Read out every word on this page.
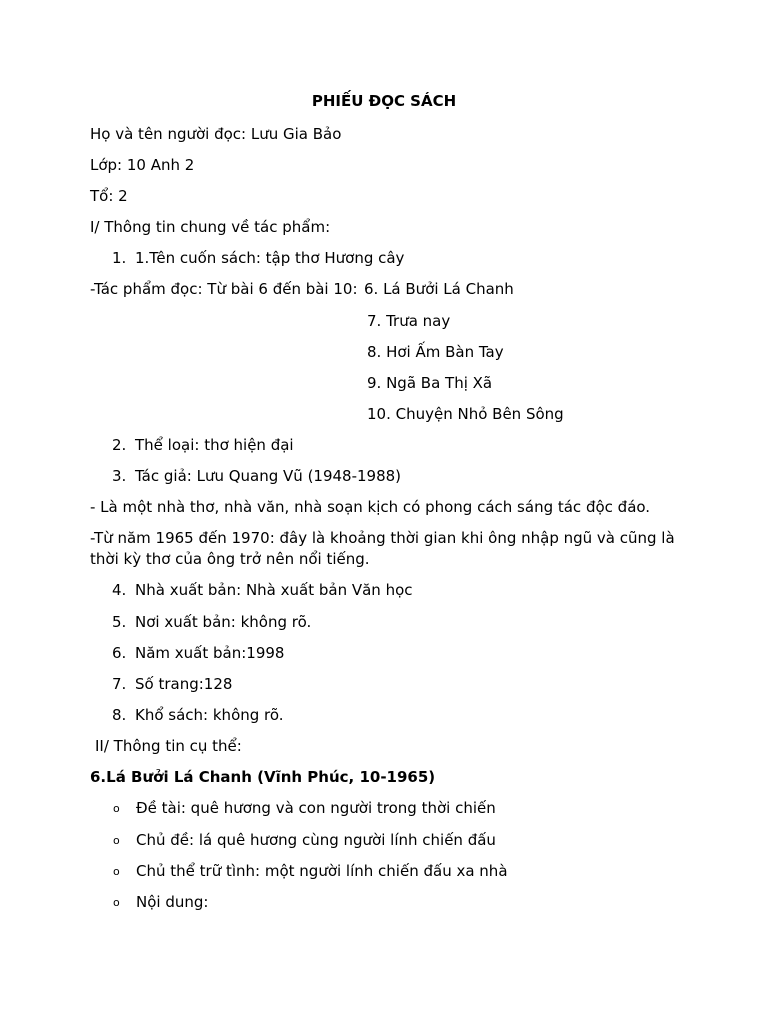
PHIẾU ĐỌC SÁCH
Họ và tên người đọc: Lưu Gia Bảo
Lớp: 10 Anh 2
Tổ: 2
I/ Thông tin chung về tác phẩm:
1. 1.Tên cuốn sách: tập thơ Hương cây
-Tác phẩm đọc: Từ bài 6 đến bài 10: 6. Lá Bưởi Lá Chanh
7. Trưa nay
8. Hơi Ấm Bàn Tay
9. Ngã Ba Thị Xã
10. Chuyện Nhỏ Bên Sông
2. Thể loại: thơ hiện đại
3. Tác giả: Lưu Quang Vũ (1948-1988)
- Là một nhà thơ, nhà văn, nhà soạn kịch có phong cách sáng tác độc đáo.
-Từ năm 1965 đến 1970: đây là khoảng thời gian khi ông nhập ngũ và cũng là thời kỳ thơ của ông trở nên nổi tiếng.
4. Nhà xuất bản: Nhà xuất bản Văn học
5. Nơi xuất bản: không rõ.
6. Năm xuất bản:1998
7. Số trang:128
8. Khổ sách: không rõ.
II/ Thông tin cụ thể:
6.Lá Bưởi Lá Chanh (Vĩnh Phúc, 10-1965)
o Đề tài: quê hương và con người trong thời chiến
o Chủ đề: lá quê hương cùng người lính chiến đấu
o Chủ thể trữ tình: một người lính chiến đấu xa nhà
o Nội dung:
